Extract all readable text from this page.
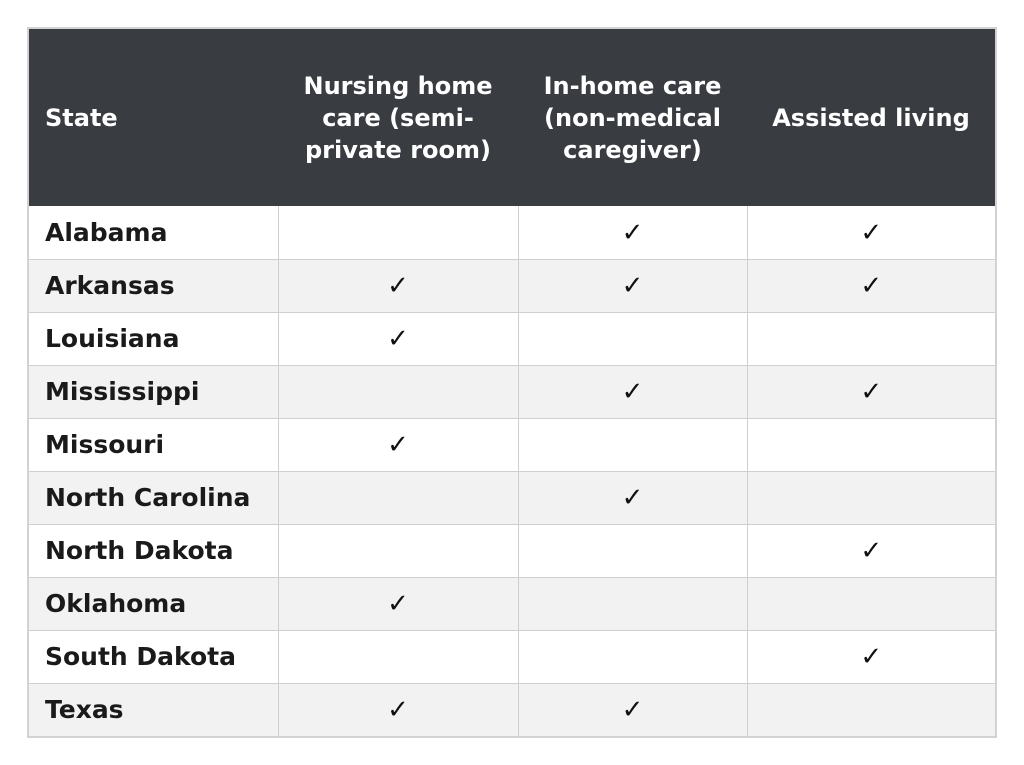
State	Nursing home care (semi-private room)	In-home care (non-medical caregiver)	Assisted living
Alabama		✓	✓
Arkansas	✓	✓	✓
Louisiana	✓		
Mississippi		✓	✓
Missouri	✓		
North Carolina		✓	
North Dakota			✓
Oklahoma	✓		
South Dakota			✓
Texas	✓	✓	
